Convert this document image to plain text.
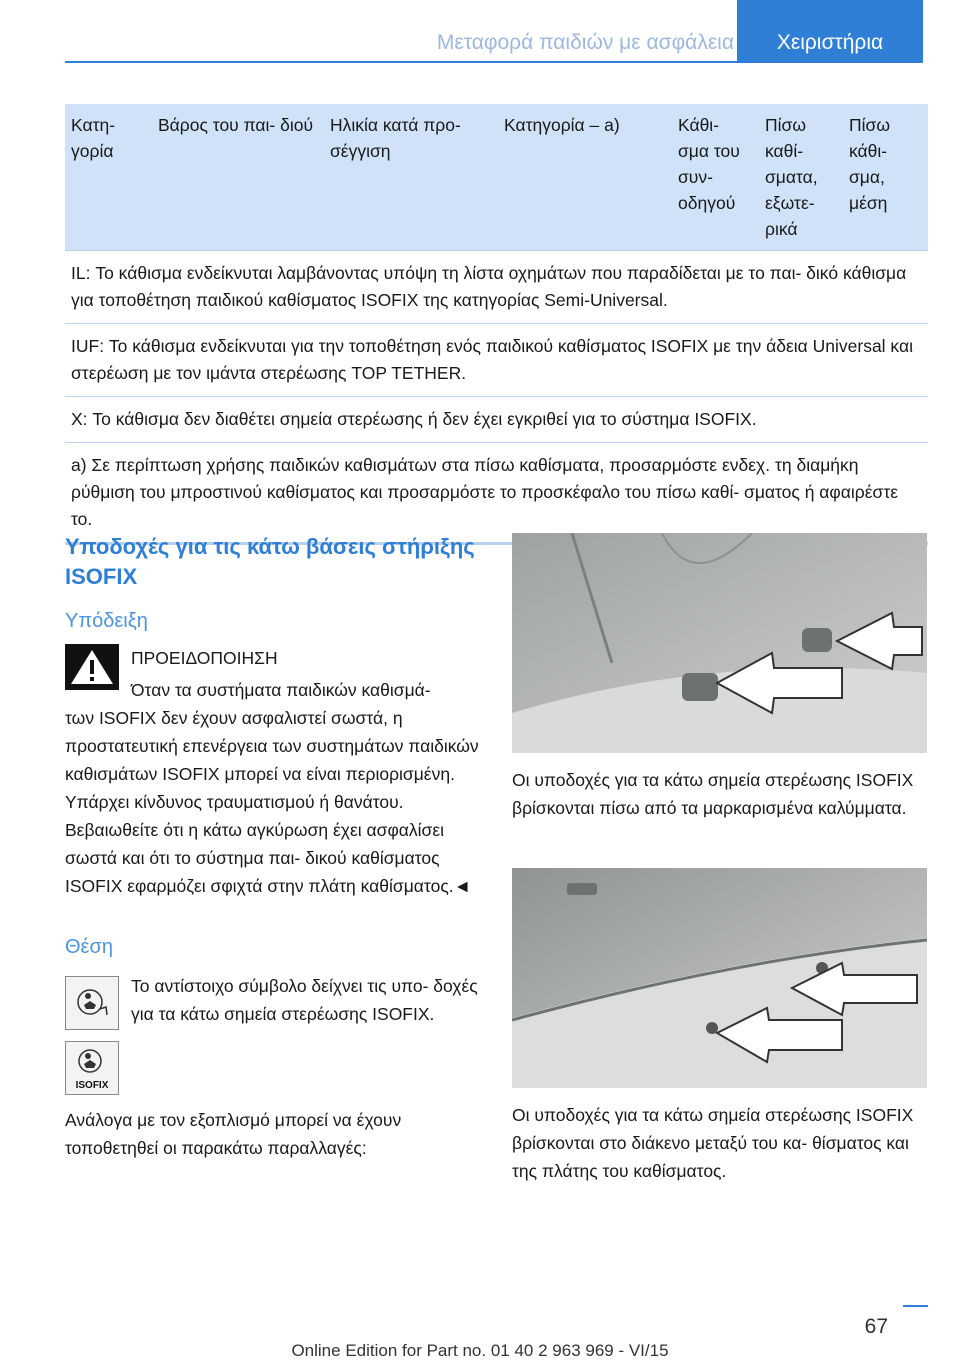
Μεταφορά παιδιών με ασφάλεια	Χειριστήρια
Κατη- γορία	Βάρος του παι- διού	Ηλικία κατά προ- σέγγιση	Κατηγορία – a)	Κάθι- σμα του συν- οδηγού	Πίσω καθί- σματα, εξωτε- ρικά	Πίσω κάθι- σμα, μέση
IL: Το κάθισμα ενδείκνυται λαμβάνοντας υπόψη τη λίστα οχημάτων που παραδίδεται με το παι- δικό κάθισμα για τοποθέτηση παιδικού καθίσματος ISOFIX της κατηγορίας Semi-Universal.
IUF: Το κάθισμα ενδείκνυται για την τοποθέτηση ενός παιδικού καθίσματος ISOFIX με την άδεια Universal και στερέωση με τον ιμάντα στερέωσης TOP TETHER.
X: Το κάθισμα δεν διαθέτει σημεία στερέωσης ή δεν έχει εγκριθεί για το σύστημα ISOFIX.
a) Σε περίπτωση χρήσης παιδικών καθισμάτων στα πίσω καθίσματα, προσαρμόστε ενδεχ. τη διαμήκη ρύθμιση του μπροστινού καθίσματος και προσαρμόστε το προσκέφαλο του πίσω καθί- σματος ή αφαιρέστε το.
Υποδοχές για τις κάτω βάσεις στήριξης ISOFIX
Υπόδειξη
ΠΡΟΕΙΔΟΠΟΙΗΣΗ
Όταν τα συστήματα παιδικών καθισμά-
των ISOFIX δεν έχουν ασφαλιστεί σωστά, η προστατευτική επενέργεια των συστημάτων παιδικών καθισμάτων ISOFIX μπορεί να είναι περιορισμένη. Υπάρχει κίνδυνος τραυματισμού ή θανάτου. Βεβαιωθείτε ότι η κάτω αγκύρωση έχει ασφαλίσει σωστά και ότι το σύστημα παι- δικού καθίσματος ISOFIX εφαρμόζει σφιχτά στην πλάτη καθίσματος.◄
Θέση
ISOFIX
Το αντίστοιχο σύμβολο δείχνει τις υπο- δοχές για τα κάτω σημεία στερέωσης ISOFIX.
Ανάλογα με τον εξοπλισμό μπορεί να έχουν τοποθετηθεί οι παρακάτω παραλλαγές:
Οι υποδοχές για τα κάτω σημεία στερέωσης ISOFIX βρίσκονται πίσω από τα μαρκαρισμένα καλύμματα.
Οι υποδοχές για τα κάτω σημεία στερέωσης ISOFIX βρίσκονται στο διάκενο μεταξύ του κα- θίσματος και της πλάτης του καθίσματος.
67
Online Edition for Part no. 01 40 2 963 969 - VI/15
